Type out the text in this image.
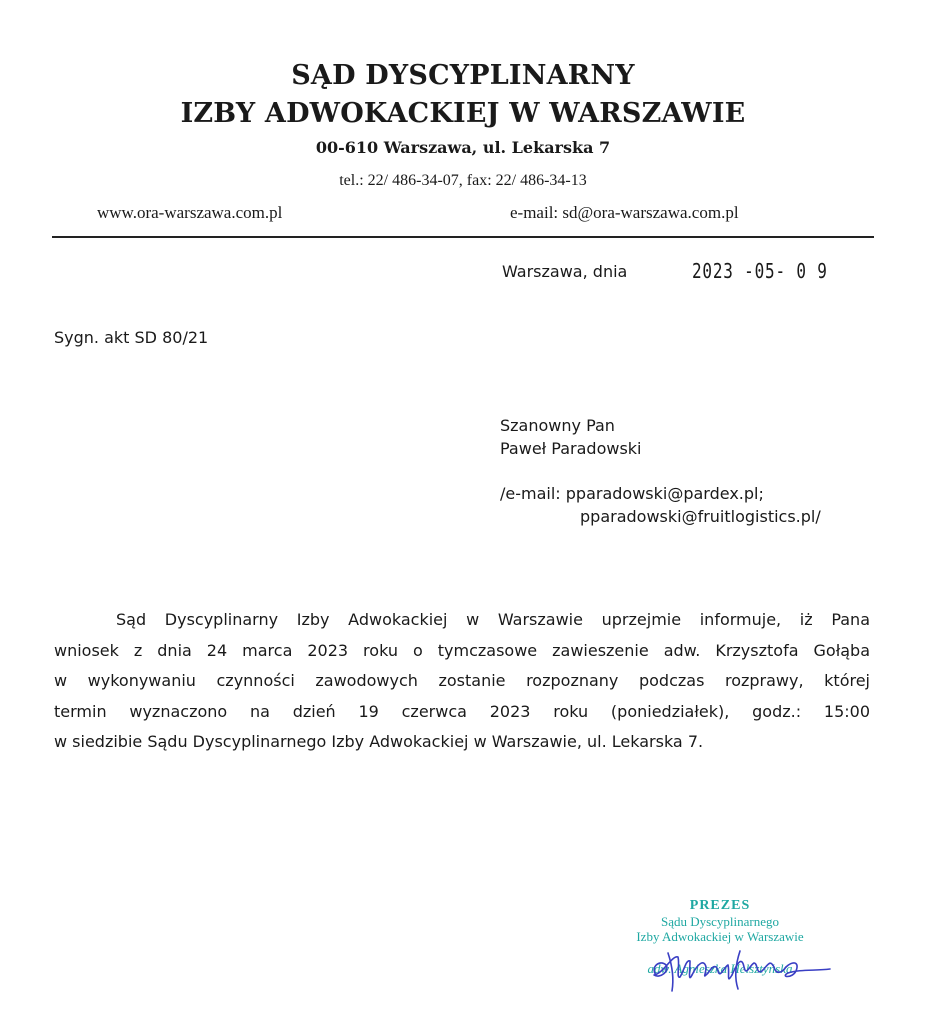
SĄD DYSCYPLINARNY
IZBY ADWOKACKIEJ W WARSZAWIE
00-610 Warszawa, ul. Lekarska 7
tel.: 22/ 486-34-07, fax: 22/ 486-34-13
www.ora-warszawa.com.pl	e-mail: sd@ora-warszawa.com.pl
Warszawa, dnia	2023 -05- 0 9
Sygn. akt SD 80/21
Szanowny Pan
Paweł Paradowski
/e-mail: pparadowski@pardex.pl;
pparadowski@fruitlogistics.pl/
Sąd Dyscyplinarny Izby Adwokackiej w Warszawie uprzejmie informuje, iż Pana
wniosek z dnia 24 marca 2023 roku o tymczasowe zawieszenie adw. Krzysztofa Gołąba
w wykonywaniu czynności zawodowych zostanie rozpoznany podczas rozprawy, której
termin wyznaczono na dzień 19 czerwca 2023 roku (poniedziałek), godz.: 15:00
w siedzibie Sądu Dyscyplinarnego Izby Adwokackiej w Warszawie, ul. Lekarska 7.
PREZES
Sądu Dyscyplinarnego
Izby Adwokackiej w Warszawie
adw. Agnieszka Helsztyńska
